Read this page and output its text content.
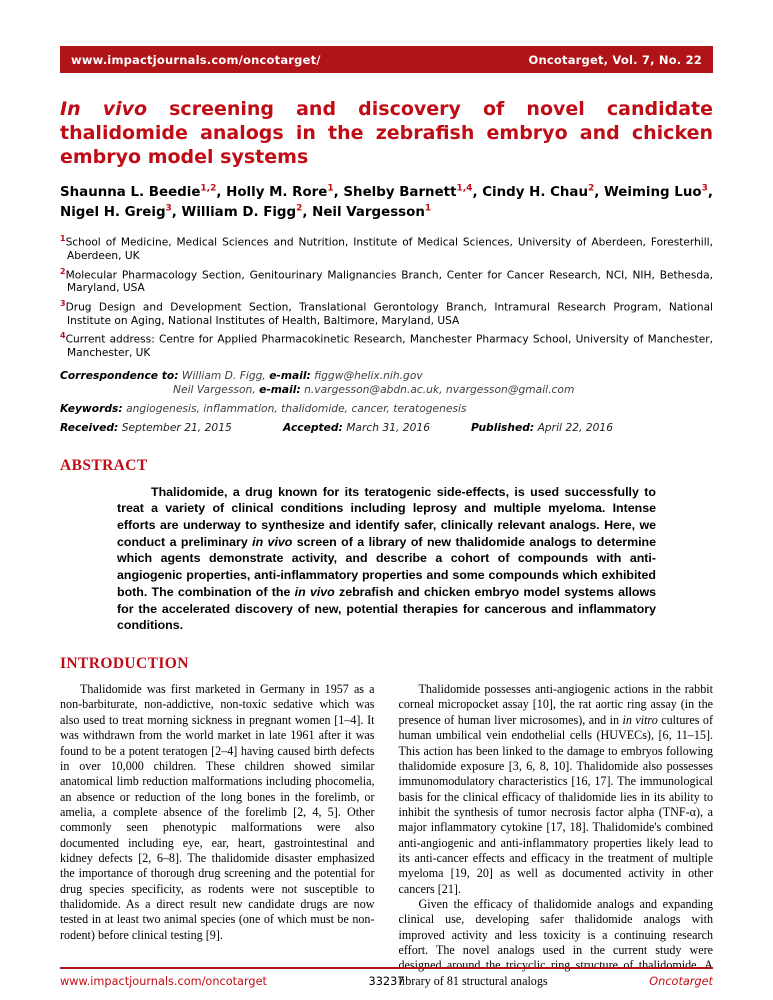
www.impactjournals.com/oncotarget/	Oncotarget, Vol. 7, No. 22
In vivo screening and discovery of novel candidate thalidomide analogs in the zebrafish embryo and chicken embryo model systems
Shaunna L. Beedie$^{1,2}$, Holly M. Rore$^1$, Shelby Barnett$^{1,4}$, Cindy H. Chau$^2$, Weiming Luo$^3$, Nigel H. Greig$^3$, William D. Figg$^2$, Neil Vargesson$^1$
$^1$School of Medicine, Medical Sciences and Nutrition, Institute of Medical Sciences, University of Aberdeen, Foresterhill, Aberdeen, UK
$^2$Molecular Pharmacology Section, Genitourinary Malignancies Branch, Center for Cancer Research, NCI, NIH, Bethesda, Maryland, USA
$^3$Drug Design and Development Section, Translational Gerontology Branch, Intramural Research Program, National Institute on Aging, National Institutes of Health, Baltimore, Maryland, USA
$^4$Current address: Centre for Applied Pharmacokinetic Research, Manchester Pharmacy School, University of Manchester, Manchester, UK
Correspondence to: William D. Figg, e-mail: figgw@helix.nih.gov
Neil Vargesson, e-mail: n.vargesson@abdn.ac.uk, nvargesson@gmail.com
Keywords: angiogenesis, inflammation, thalidomide, cancer, teratogenesis
Received: September 21, 2015	Accepted: March 31, 2016	Published: April 22, 2016
ABSTRACT

Thalidomide, a drug known for its teratogenic side-effects, is used successfully to treat a variety of clinical conditions including leprosy and multiple myeloma. Intense efforts are underway to synthesize and identify safer, clinically relevant analogs. Here, we conduct a preliminary in vivo screen of a library of new thalidomide analogs to determine which agents demonstrate activity, and describe a cohort of compounds with anti-angiogenic properties, anti-inflammatory properties and some compounds which exhibited both. The combination of the in vivo zebrafish and chicken embryo model systems allows for the accelerated discovery of new, potential therapies for cancerous and inflammatory conditions.

INTRODUCTION

Thalidomide was first marketed in Germany in 1957 as a non-barbiturate, non-addictive, non-toxic sedative which was also used to treat morning sickness in pregnant women [1–4]. It was withdrawn from the world market in late 1961 after it was found to be a potent teratogen [2–4] having caused birth defects in over 10,000 children. These children showed similar anatomical limb reduction malformations including phocomelia, an absence or reduction of the long bones in the forelimb, or amelia, a complete absence of the forelimb [2, 4, 5]. Other commonly seen phenotypic malformations were also documented including eye, ear, heart, gastrointestinal and kidney defects [2, 6–8]. The thalidomide disaster emphasized the importance of thorough drug screening and the potential for drug species specificity, as rodents were not susceptible to thalidomide. As a direct result new candidate drugs are now tested in at least two animal species (one of which must be non-rodent) before clinical testing [9].

Thalidomide possesses anti-angiogenic actions in the rabbit corneal micropocket assay [10], the rat aortic ring assay (in the presence of human liver microsomes), and in in vitro cultures of human umbilical vein endothelial cells (HUVECs), [6, 11–15]. This action has been linked to the damage to embryos following thalidomide exposure [3, 6, 8, 10]. Thalidomide also possesses immunomodulatory characteristics [16, 17]. The immunological basis for the clinical efficacy of thalidomide lies in its ability to inhibit the synthesis of tumor necrosis factor alpha (TNF-α), a major inflammatory cytokine [17, 18]. Thalidomide's combined anti-angiogenic and anti-inflammatory properties likely lead to its anti-cancer effects and efficacy in the treatment of multiple myeloma [19, 20] as well as documented activity in other cancers [21].

Given the efficacy of thalidomide analogs and expanding clinical use, developing safer thalidomide analogs with improved activity and less toxicity is a continuing research effort. The novel analogs used in the current study were designed around the tricyclic ring structure of thalidomide. A library of 81 structural analogs

www.impactjournals.com/oncotarget	33237	Oncotarget
